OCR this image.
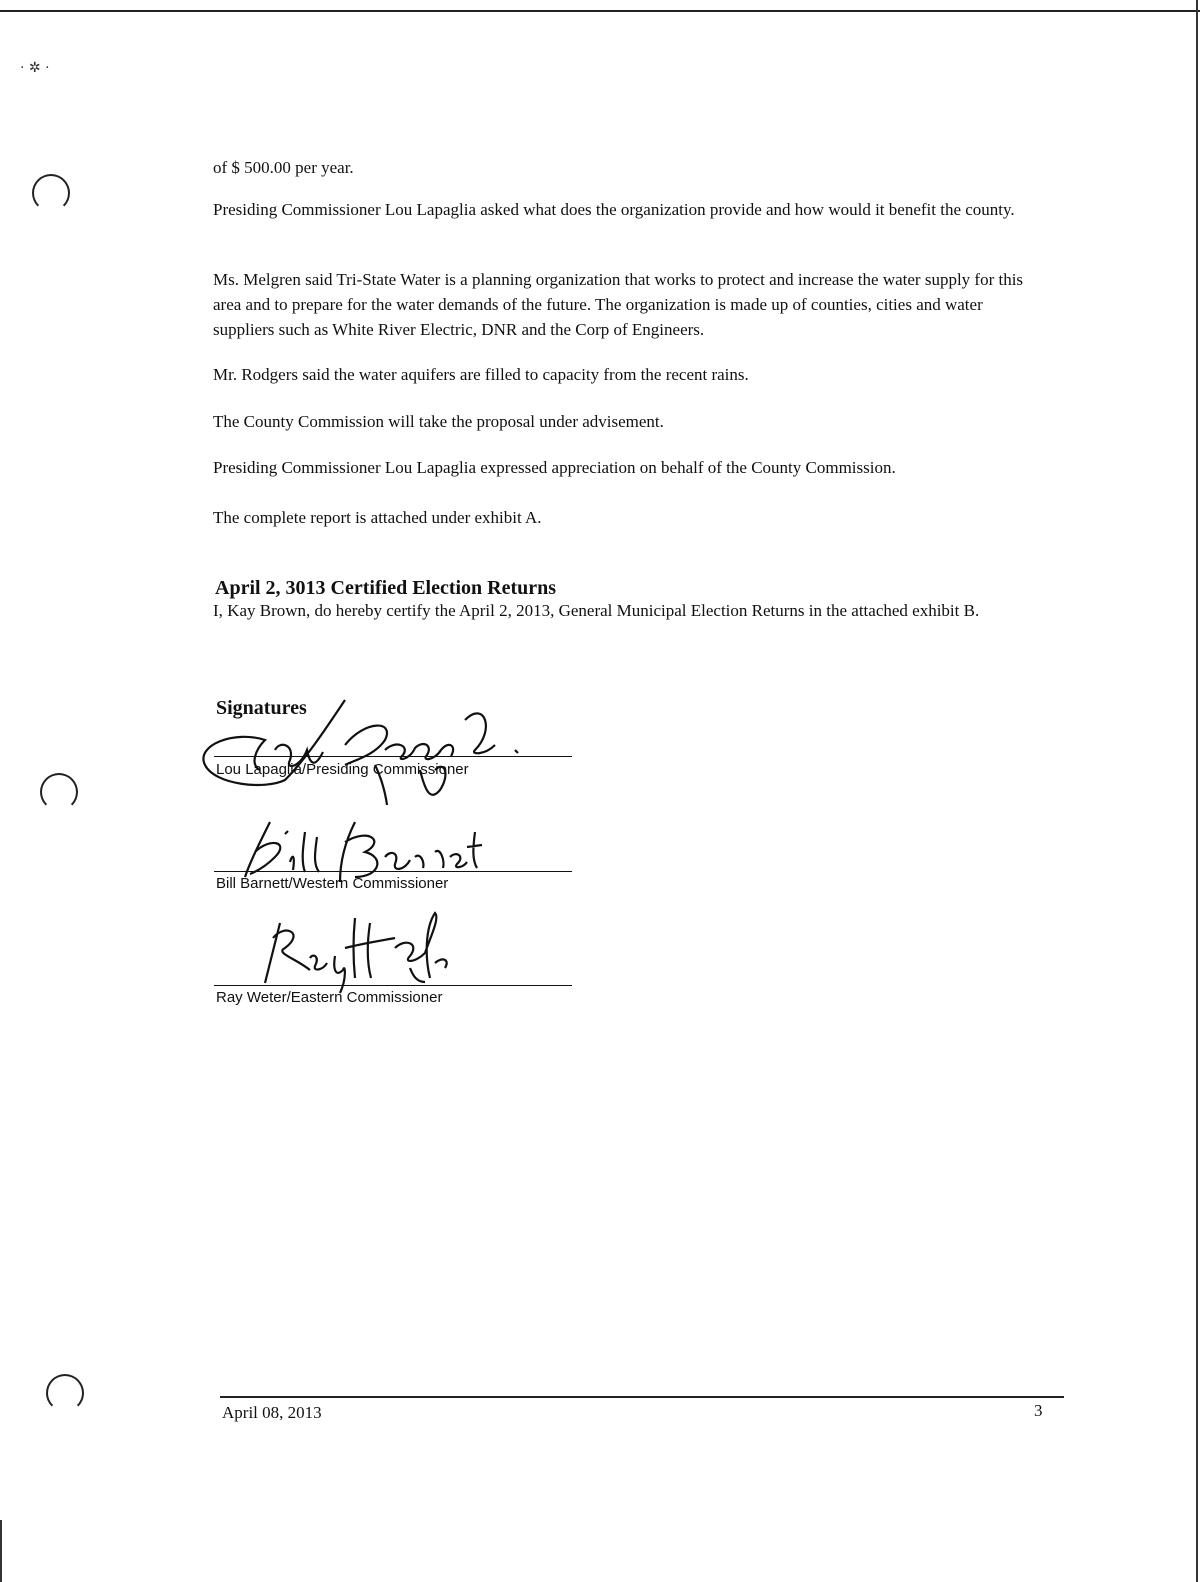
⋅ ✲ ⋅

of $ 500.00 per year.

Presiding Commissioner Lou Lapaglia asked what does the organization provide and how would it benefit the county.

Ms. Melgren said Tri-State Water is a planning organization that works to protect and increase the water supply for this area and to prepare for the water demands of the future. The organization is made up of counties, cities and water suppliers such as White River Electric, DNR and the Corp of Engineers.

Mr. Rodgers said the water aquifers are filled to capacity from the recent rains.

The County Commission will take the proposal under advisement.

Presiding Commissioner Lou Lapaglia expressed appreciation on behalf of the County Commission.

The complete report is attached under exhibit A.

April 2, 3013 Certified Election Returns

I, Kay Brown, do hereby certify the April 2, 2013, General Municipal Election Returns in the attached exhibit B.

Signatures
Lou Lapaglia/Presiding Commissioner
Bill Barnett/Western Commissioner
Ray Weter/Eastern Commissioner
April 08, 2013	3
